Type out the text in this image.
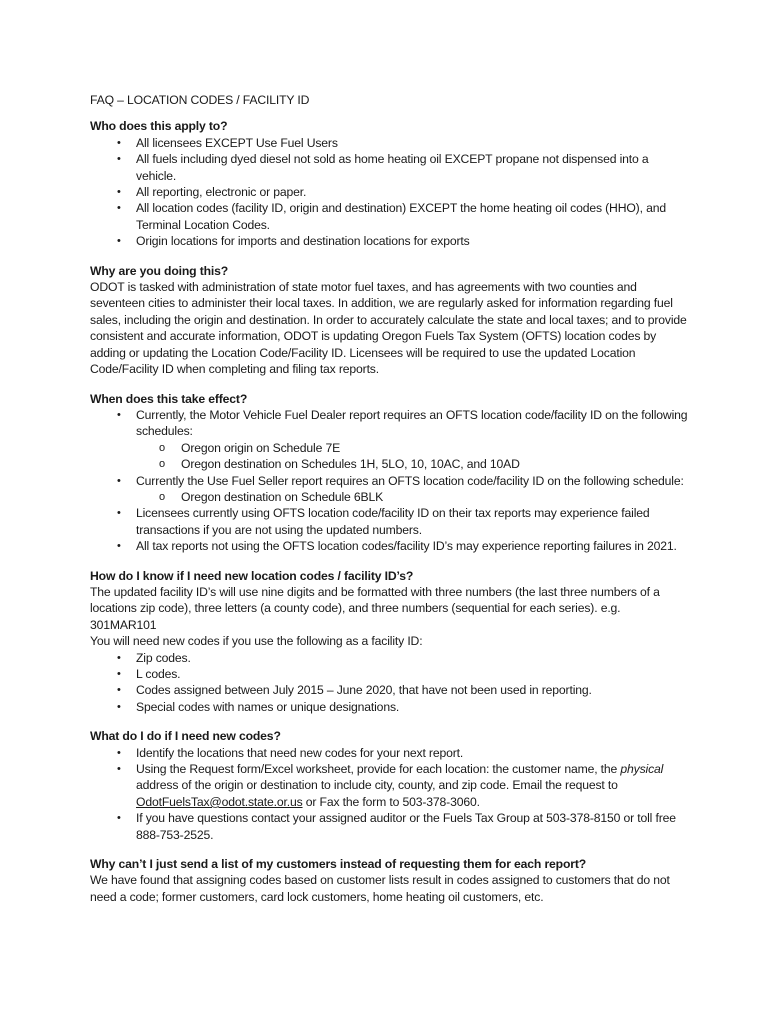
FAQ – LOCATION CODES / FACILITY ID

Who does this apply to?

• All licensees EXCEPT Use Fuel Users
• All fuels including dyed diesel not sold as home heating oil EXCEPT propane not dispensed into a vehicle.
• All reporting, electronic or paper.
• All location codes (facility ID, origin and destination) EXCEPT the home heating oil codes (HHO), and Terminal Location Codes.
• Origin locations for imports and destination locations for exports

Why are you doing this?

ODOT is tasked with administration of state motor fuel taxes, and has agreements with two counties and seventeen cities to administer their local taxes. In addition, we are regularly asked for information regarding fuel sales, including the origin and destination. In order to accurately calculate the state and local taxes; and to provide consistent and accurate information, ODOT is updating Oregon Fuels Tax System (OFTS) location codes by adding or updating the Location Code/Facility ID. Licensees will be required to use the updated Location Code/Facility ID when completing and filing tax reports.

When does this take effect?

• Currently, the Motor Vehicle Fuel Dealer report requires an OFTS location code/facility ID on the following schedules:
o Oregon origin on Schedule 7E
o Oregon destination on Schedules 1H, 5LO, 10, 10AC, and 10AD
• Currently the Use Fuel Seller report requires an OFTS location code/facility ID on the following schedule:
o Oregon destination on Schedule 6BLK
• Licensees currently using OFTS location code/facility ID on their tax reports may experience failed transactions if you are not using the updated numbers.
• All tax reports not using the OFTS location codes/facility ID’s may experience reporting failures in 2021.

How do I know if I need new location codes / facility ID’s?

The updated facility ID’s will use nine digits and be formatted with three numbers (the last three numbers of a locations zip code), three letters (a county code), and three numbers (sequential for each series). e.g. 301MAR101

You will need new codes if you use the following as a facility ID:

• Zip codes.
• L codes.
• Codes assigned between July 2015 – June 2020, that have not been used in reporting.
• Special codes with names or unique designations.

What do I do if I need new codes?

• Identify the locations that need new codes for your next report.
• Using the Request form/Excel worksheet, provide for each location: the customer name, the physical address of the origin or destination to include city, county, and zip code. Email the request to OdotFuelsTax@odot.state.or.us or Fax the form to 503-378-3060.
• If you have questions contact your assigned auditor or the Fuels Tax Group at 503-378-8150 or toll free 888-753-2525.

Why can’t I just send a list of my customers instead of requesting them for each report?

We have found that assigning codes based on customer lists result in codes assigned to customers that do not need a code; former customers, card lock customers, home heating oil customers, etc.
